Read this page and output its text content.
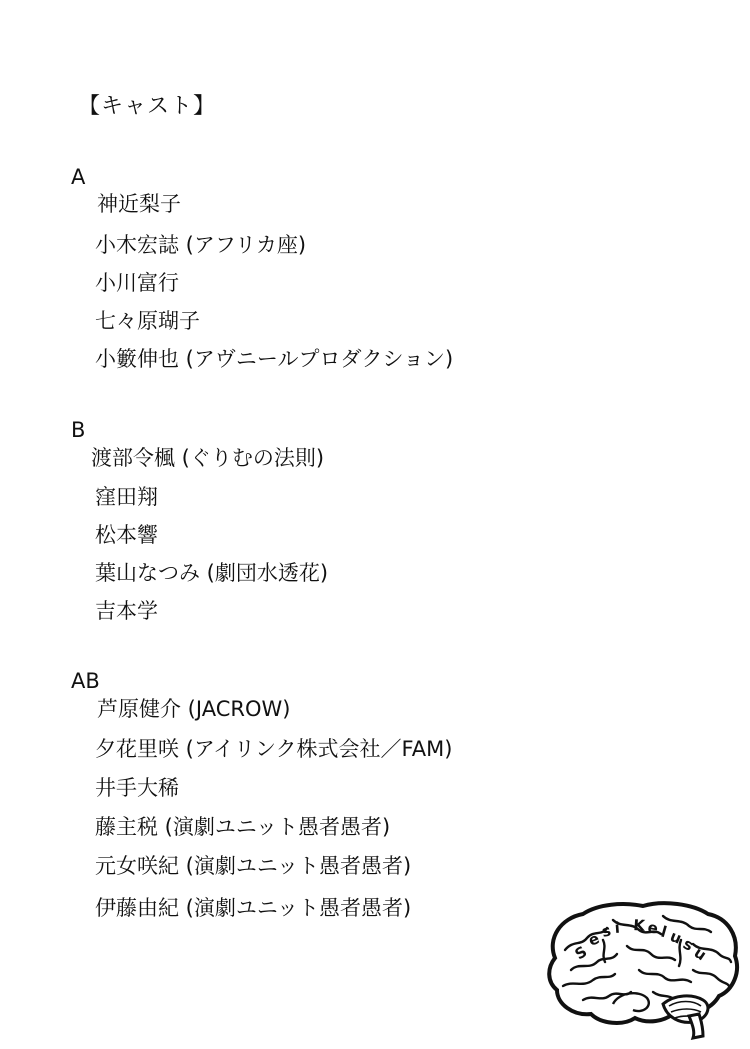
【キャスト】
A
神近梨子
小木宏誌 (アフリカ座)
小川富行
七々原瑚子
小籔伸也 (アヴニールプロダクション)
B
渡部令楓 (ぐりむの法則)
窪田翔
松本響
葉山なつみ (劇団水透花)
吉本学
AB
芦原健介 (JACROW)
夕花里咲 (アイリンク株式会社／FAM)
井手大稀
藤主税 (演劇ユニット愚者愚者)
元女咲紀 (演劇ユニット愚者愚者)
伊藤由紀 (演劇ユニット愚者愚者)
S
e
s i K e l
u
s
u
